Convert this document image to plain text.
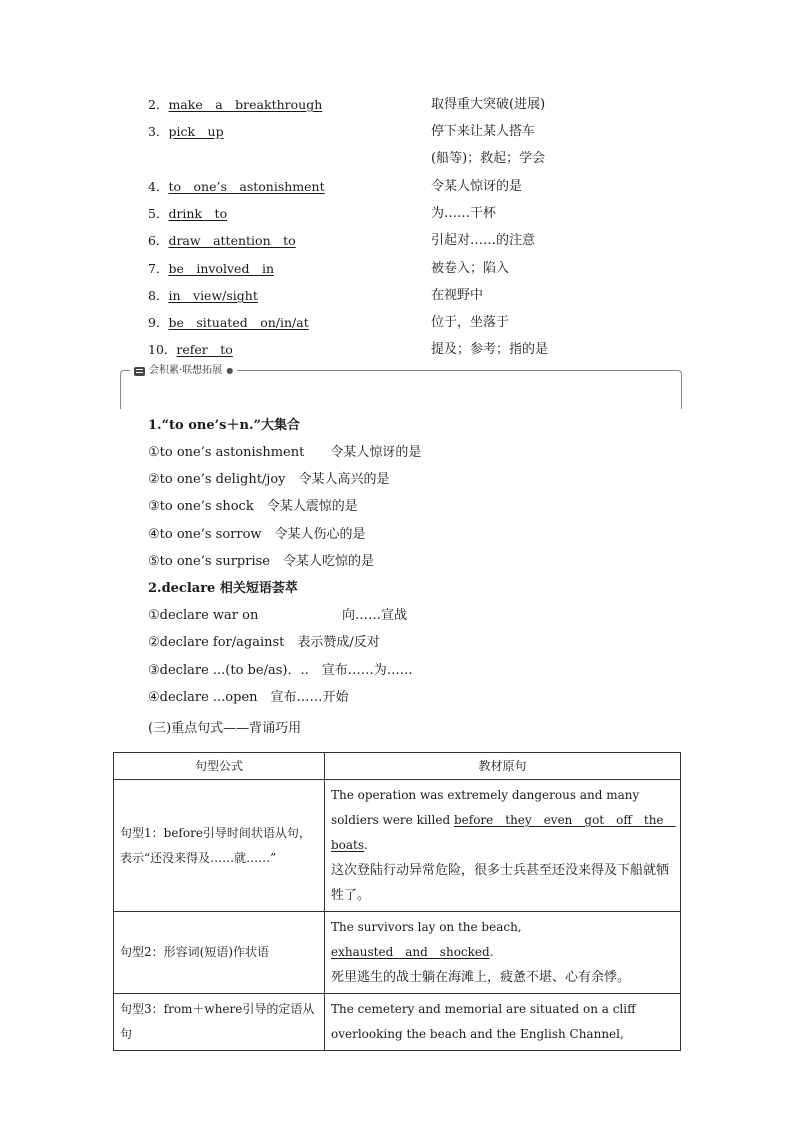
2．make　a　breakthrough	取得重大突破(进展)
3．pick　up	停下来让某人搭车
(船等)；救起；学会
4．to　one’s　astonishment	令某人惊讶的是
5．drink　to	为……干杯
6．draw　attention　to	引起对……的注意
7．be　involved　in	被卷入；陷入
8．in　view/sight	在视野中
9．be　situated　on/in/at	位于，坐落于
10．refer　to	提及；参考；指的是
会积累·联想拓展 ●
1.“to one’s＋n.”大集合
①to one’s astonishment　　令某人惊讶的是
②to one’s delight/joy　令某人高兴的是
③to one’s shock　令某人震惊的是
④to one’s sorrow　令某人伤心的是
⑤to one’s surprise　令某人吃惊的是
2.declare 相关短语荟萃
①declare war on	向……宣战
②declare for/against　表示赞成/反对
③declare ...(to be/as)．..　宣布……为……
④declare ...open　宣布……开始
(三)重点句式——背诵巧用
句型公式	教材原句
句型1：before引导时间状语从句，表示“还没来得及……就……”	The operation was extremely dangerous and many soldiers were killed before　they　even　got　off　the　boats.
这次登陆行动异常危险，很多士兵甚至还没来得及下船就牺牲了。
句型2：形容词(短语)作状语	The survivors lay on the beach,
exhausted　and　shocked.
死里逃生的战士躺在海滩上，疲惫不堪、心有余悸。
句型3：from＋where引导的定语从句	The cemetery and memorial are situated on a cliff overlooking the beach and the English Channel,
